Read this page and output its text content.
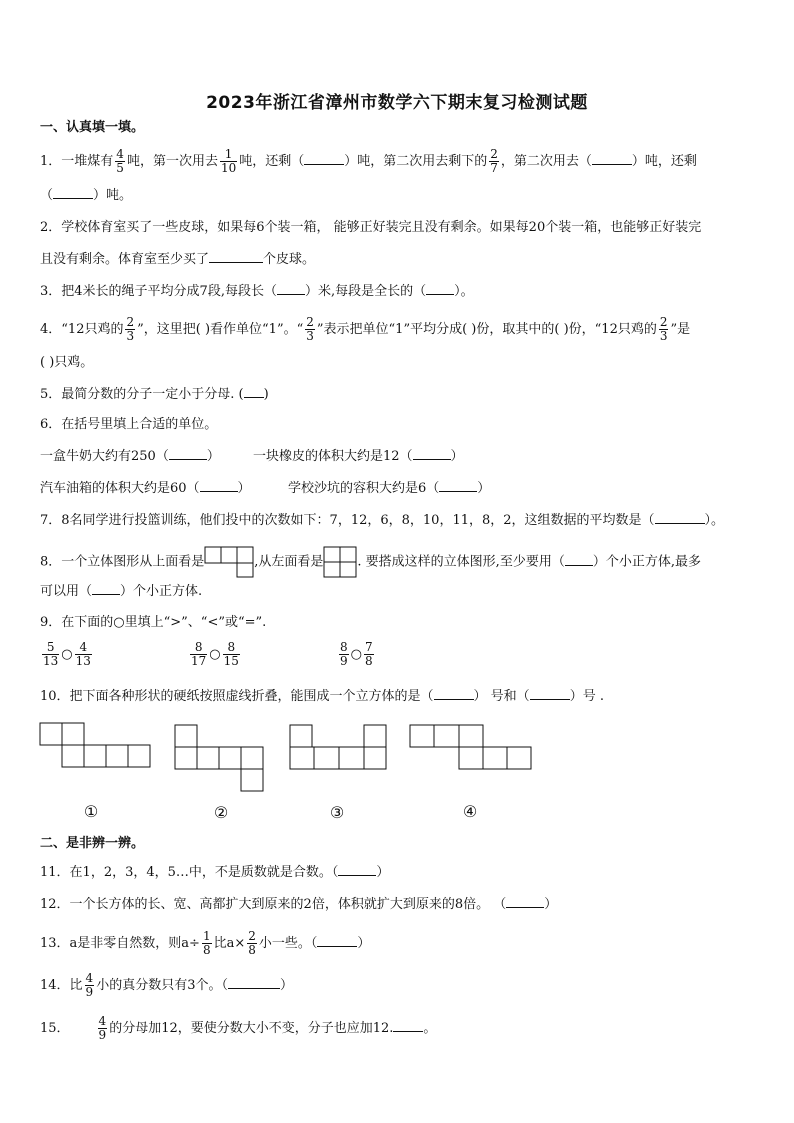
2023年浙江省漳州市数学六下期末复习检测试题
一、认真填一填。
1．一堆煤有 $\frac{4}{5}$ 吨，第一次用去 $\frac{1}{10}$ 吨，还剩（	）吨，第二次用去剩下的 $\frac{2}{7}$ ，第二次用去（	）吨，还剩
（	）吨。
2．学校体育室买了一些皮球，如果每6个装一箱， 能够正好装完且没有剩余。如果每20个装一箱，也能够正好装完
且没有剩余。体育室至少买了	个皮球。
3．把4米长的绳子平均分成7段,每段长（ ）米,每段是全长的（ ）。
4．“12只鸡的 $\frac{2}{3}$ ”，这里把( )看作单位“1”。“ $\frac{2}{3}$ ”表示把单位“1”平均分成( )份，取其中的( )份，“12只鸡的 $\frac{2}{3}$ ”是
( )只鸡。
5．最简分数的分子一定小于分母. ( )
6．在括号里填上合适的单位。
一盒牛奶大约有250（	）	一块橡皮的体积大约是12（	）
汽车油箱的体积大约是60（	）	学校沙坑的容积大约是6（	）
7．8名同学进行投篮训练，他们投中的次数如下：7，12，6，8，10，11，8，2，这组数据的平均数是（	）。
8．一个立体图形从上面看是	,从左面看是	. 要搭成这样的立体图形,至少要用（ ）个小正方体,最多
可以用（ ）个小正方体.
9．在下面的○里填上“>”、“<”或“=”.
$\frac{5}{13}$ ○ $\frac{4}{13}$	$\frac{8}{17}$ ○ $\frac{8}{15}$	$\frac{8}{9}$ ○ $\frac{7}{8}$
10．把下面各种形状的硬纸按照虚线折叠，能围成一个立方体的是（	） 号和（	）号 .
①	②	③	④
二、是非辨一辨。
11．在1，2，3，4，5…中，不是质数就是合数。（	）
12．一个长方体的长、宽、高都扩大到原来的2倍，体积就扩大到原来的8倍。 （	）
13．a是非零自然数，则$a\div \frac{1}{8}$ 比$a\times \frac{2}{8}$ 小一些。（	）
14．比 $\frac{4}{9}$ 小的真分数只有3个。（	）
15． $\frac{4}{9}$ 的分母加12，要使分数大小不变，分子也应加12. 。
